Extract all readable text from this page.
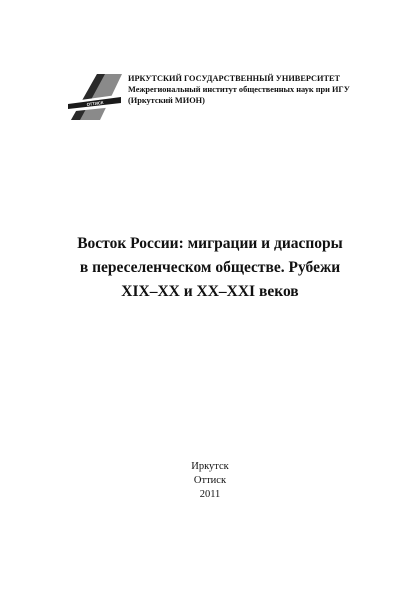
ОТТИСК
ИРКУТСКИЙ ГОСУДАРСТВЕННЫЙ УНИВЕРСИТЕТ
Межрегиональный институт общественных наук при ИГУ
(Иркутский МИОН)
Восток России: миграции и диаспоры
в переселенческом обществе. Рубежи
XIX–XX и XX–XXI веков
Иркутск
Оттиск
2011
